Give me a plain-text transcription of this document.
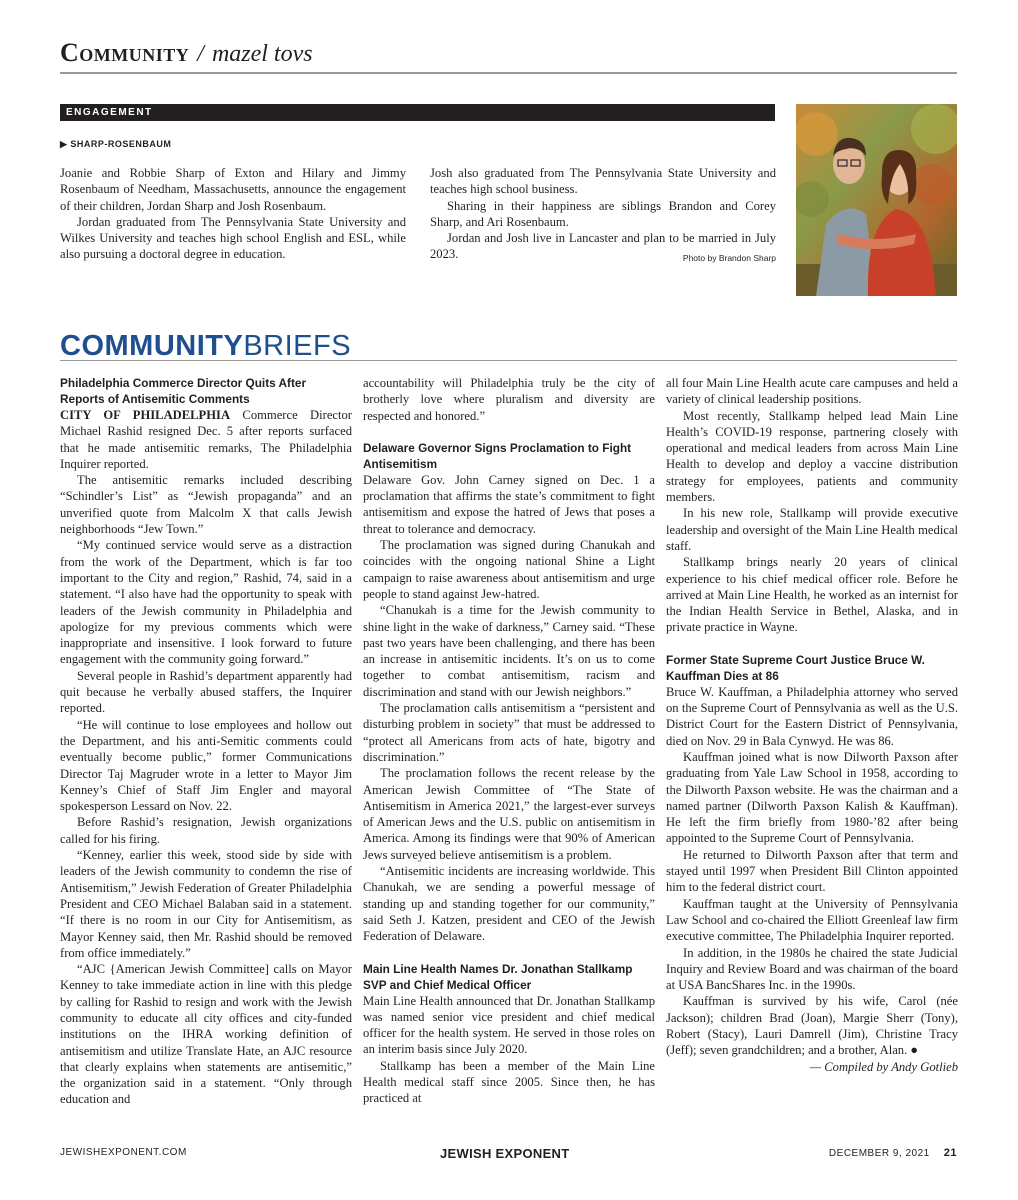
Community / mazel tovs
ENGAGEMENT
▶ SHARP-ROSENBAUM

Joanie and Robbie Sharp of Exton and Hilary and Jimmy Rosenbaum of Needham, Massachusetts, announce the engagement of their children, Jordan Sharp and Josh Rosenbaum.

Jordan graduated from The Pennsylvania State University and Wilkes University and teaches high school English and ESL, while also pursuing a doctoral degree in education.

Josh also graduated from The Pennsylvania State University and teaches high school business.

Sharing in their happiness are siblings Brandon and Corey Sharp, and Ari Rosenbaum.

Jordan and Josh live in Lancaster and plan to be married in July 2023.	Photo by Brandon Sharp

COMMUNITYBRIEFS
Philadelphia Commerce Director Quits After Reports of Antisemitic Comments

CITY OF PHILADELPHIA Commerce Director Michael Rashid resigned Dec. 5 after reports surfaced that he made antisemitic remarks, The Philadelphia Inquirer reported.

The antisemitic remarks included describing “Schindler’s List” as “Jewish propaganda” and an unverified quote from Malcolm X that calls Jewish neighborhoods “Jew Town.”

“My continued service would serve as a distraction from the work of the Department, which is far too important to the City and region,” Rashid, 74, said in a statement. “I also have had the opportunity to speak with leaders of the Jewish community in Philadelphia and apologize for my previous comments which were inappropriate and insensitive. I look forward to future engagement with the community going forward.”

Several people in Rashid’s department apparently had quit because he verbally abused staffers, the Inquirer reported.

“He will continue to lose employees and hollow out the Department, and his anti-Semitic comments could eventually become public,” former Communications Director Taj Magruder wrote in a letter to Mayor Jim Kenney’s Chief of Staff Jim Engler and mayoral spokesperson Lessard on Nov. 22.

Before Rashid’s resignation, Jewish organizations called for his firing.

“Kenney, earlier this week, stood side by side with leaders of the Jewish community to condemn the rise of Antisemitism,” Jewish Federation of Greater Philadelphia President and CEO Michael Balaban said in a statement. “If there is no room in our City for Antisemitism, as Mayor Kenney said, then Mr. Rashid should be removed from office immediately.”

“AJC {American Jewish Committee] calls on Mayor Kenney to take immediate action in line with this pledge by calling for Rashid to resign and work with the Jewish community to educate all city offices and city-funded institutions on the IHRA working definition of antisemitism and utilize Translate Hate, an AJC resource that clearly explains when statements are antisemitic,” the organization said in a statement. “Only through education and

accountability will Philadelphia truly be the city of brotherly love where pluralism and diversity are respected and honored.”

Delaware Governor Signs Proclamation to Fight Antisemitism

Delaware Gov. John Carney signed on Dec. 1 a proclamation that affirms the state’s commitment to fight antisemitism and expose the hatred of Jews that poses a threat to tolerance and democracy.

The proclamation was signed during Chanukah and coincides with the ongoing national Shine a Light campaign to raise awareness about antisemitism and urge people to stand against Jew-hatred.

“Chanukah is a time for the Jewish community to shine light in the wake of darkness,” Carney said. “These past two years have been challenging, and there has been an increase in antisemitic incidents. It’s on us to come together to combat antisemitism, racism and discrimination and stand with our Jewish neighbors.”

The proclamation calls antisemitism a “persistent and disturbing problem in society” that must be addressed to “protect all Americans from acts of hate, bigotry and discrimination.”

The proclamation follows the recent release by the American Jewish Committee of “The State of Antisemitism in America 2021,” the largest-ever surveys of American Jews and the U.S. public on antisemitism in America. Among its findings were that 90% of American Jews surveyed believe antisemitism is a problem.

“Antisemitic incidents are increasing worldwide. This Chanukah, we are sending a powerful message of standing up and standing together for our community,” said Seth J. Katzen, president and CEO of the Jewish Federation of Delaware.

Main Line Health Names Dr. Jonathan Stallkamp SVP and Chief Medical Officer

Main Line Health announced that Dr. Jonathan Stallkamp was named senior vice president and chief medical officer for the health system. He served in those roles on an interim basis since July 2020.

Stallkamp has been a member of the Main Line Health medical staff since 2005. Since then, he has practiced at

all four Main Line Health acute care campuses and held a variety of clinical leadership positions.

Most recently, Stallkamp helped lead Main Line Health’s COVID-19 response, partnering closely with operational and medical leaders from across Main Line Health to develop and deploy a vaccine distribution strategy for employees, patients and community members.

In his new role, Stallkamp will provide executive leadership and oversight of the Main Line Health medical staff.

Stallkamp brings nearly 20 years of clinical experience to his chief medical officer role. Before he arrived at Main Line Health, he worked as an internist for the Indian Health Service in Bethel, Alaska, and in private practice in Wayne.

Former State Supreme Court Justice Bruce W. Kauffman Dies at 86

Bruce W. Kauffman, a Philadelphia attorney who served on the Supreme Court of Pennsylvania as well as the U.S. District Court for the Eastern District of Pennsylvania, died on Nov. 29 in Bala Cynwyd. He was 86.

Kauffman joined what is now Dilworth Paxson after graduating from Yale Law School in 1958, according to the Dilworth Paxson website. He was the chairman and a named partner (Dilworth Paxson Kalish & Kauffman). He left the firm briefly from 1980-’82 after being appointed to the Supreme Court of Pennsylvania.

He returned to Dilworth Paxson after that term and stayed until 1997 when President Bill Clinton appointed him to the federal district court.

Kauffman taught at the University of Pennsylvania Law School and co-chaired the Elliott Greenleaf law firm executive committee, The Philadelphia Inquirer reported.

In addition, in the 1980s he chaired the state Judicial Inquiry and Review Board and was chairman of the board at USA BancShares Inc. in the 1990s.

Kauffman is survived by his wife, Carol (née Jackson); children Brad (Joan), Margie Sherr (Tony), Robert (Stacy), Lauri Damrell (Jim), Christine Tracy (Jeff); seven grandchildren; and a brother, Alan. ●

— Compiled by Andy Gotlieb

JEWISHEXPONENT.COM	JEWISH EXPONENT	DECEMBER 9, 2021 21
